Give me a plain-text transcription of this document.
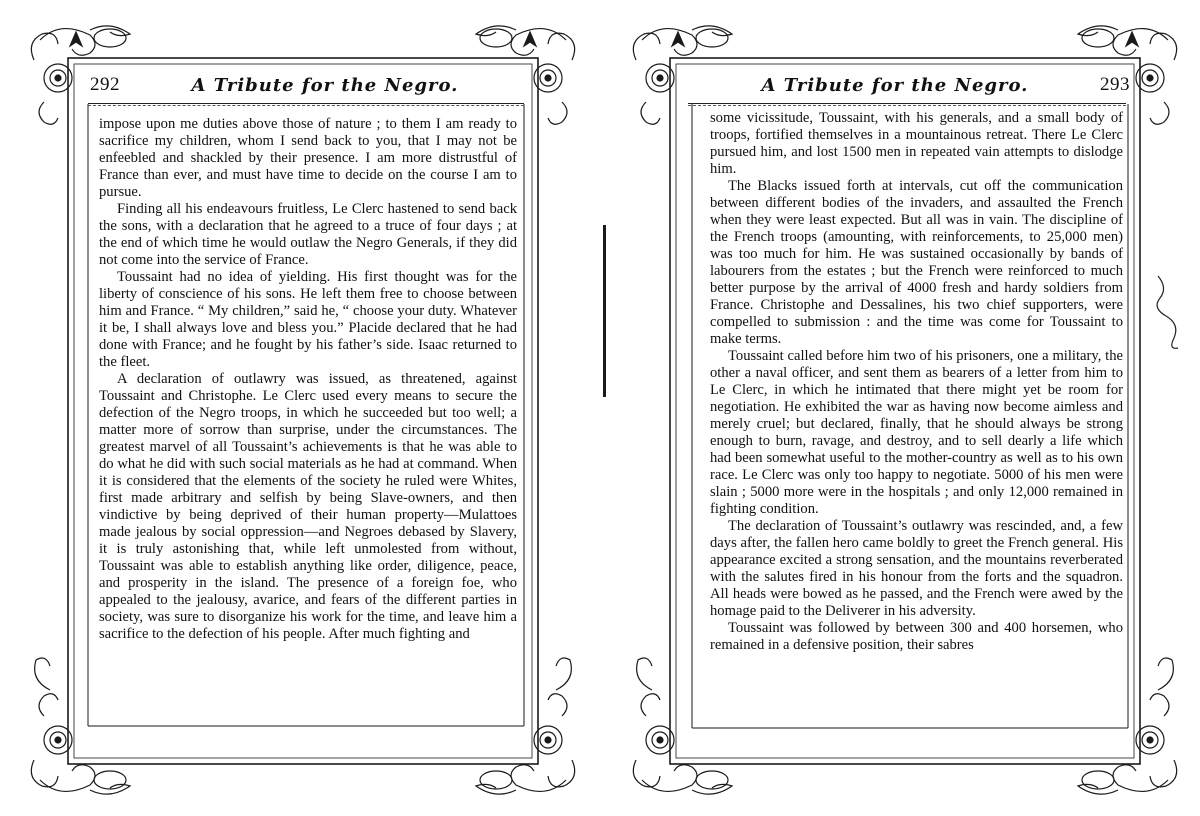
292	A Tribute for the Negro.

impose upon me duties above those of nature ; to them I am ready to sacrifice my children, whom I send back to you, that I may not be enfeebled and shackled by their presence. I am more distrustful of France than ever, and must have time to decide on the course I am to pursue.

Finding all his endeavours fruitless, Le Clerc hastened to send back the sons, with a declaration that he agreed to a truce of four days ; at the end of which time he would outlaw the Negro Generals, if they did not come into the service of France.

Toussaint had no idea of yielding. His first thought was for the liberty of conscience of his sons. He left them free to choose between him and France. “ My children,” said he, “ choose your duty. Whatever it be, I shall always love and bless you.” Placide declared that he had done with France; and he fought by his father’s side. Isaac returned to the fleet.

A declaration of outlawry was issued, as threatened, against Toussaint and Christophe. Le Clerc used every means to secure the defection of the Negro troops, in which he succeeded but too well; a matter more of sorrow than surprise, under the circumstances. The greatest marvel of all Toussaint’s achievements is that he was able to do what he did with such social materials as he had at command. When it is considered that the elements of the society he ruled were Whites, first made arbitrary and selfish by being Slave-owners, and then vindictive by being deprived of their human property—Mulattoes made jealous by social oppression—and Negroes debased by Slavery, it is truly astonishing that, while left unmolested from without, Toussaint was able to establish anything like order, diligence, peace, and prosperity in the island. The presence of a foreign foe, who appealed to the jealousy, avarice, and fears of the different parties in society, was sure to disorganize his work for the time, and leave him a sacrifice to the defection of his people. After much fighting and

A Tribute for the Negro.	293

some vicissitude, Toussaint, with his generals, and a small body of troops, fortified themselves in a mountainous retreat. There Le Clerc pursued him, and lost 1500 men in repeated vain attempts to dislodge him.

The Blacks issued forth at intervals, cut off the communication between different bodies of the invaders, and assaulted the French when they were least expected. But all was in vain. The discipline of the French troops (amounting, with reinforcements, to 25,000 men) was too much for him. He was sustained occasionally by bands of labourers from the estates ; but the French were reinforced to much better purpose by the arrival of 4000 fresh and hardy soldiers from France. Christophe and Dessalines, his two chief supporters, were compelled to submission : and the time was come for Toussaint to make terms.

Toussaint called before him two of his prisoners, one a military, the other a naval officer, and sent them as bearers of a letter from him to Le Clerc, in which he intimated that there might yet be room for negotiation. He exhibited the war as having now become aimless and merely cruel; but declared, finally, that he should always be strong enough to burn, ravage, and destroy, and to sell dearly a life which had been somewhat useful to the mother-country as well as to his own race. Le Clerc was only too happy to negotiate. 5000 of his men were slain ; 5000 more were in the hospitals ; and only 12,000 remained in fighting condition.

The declaration of Toussaint’s outlawry was rescinded, and, a few days after, the fallen hero came boldly to greet the French general. His appearance excited a strong sensation, and the mountains reverberated with the salutes fired in his honour from the forts and the squadron. All heads were bowed as he passed, and the French were awed by the homage paid to the Deliverer in his adversity.

Toussaint was followed by between 300 and 400 horsemen, who remained in a defensive position, their sabres
